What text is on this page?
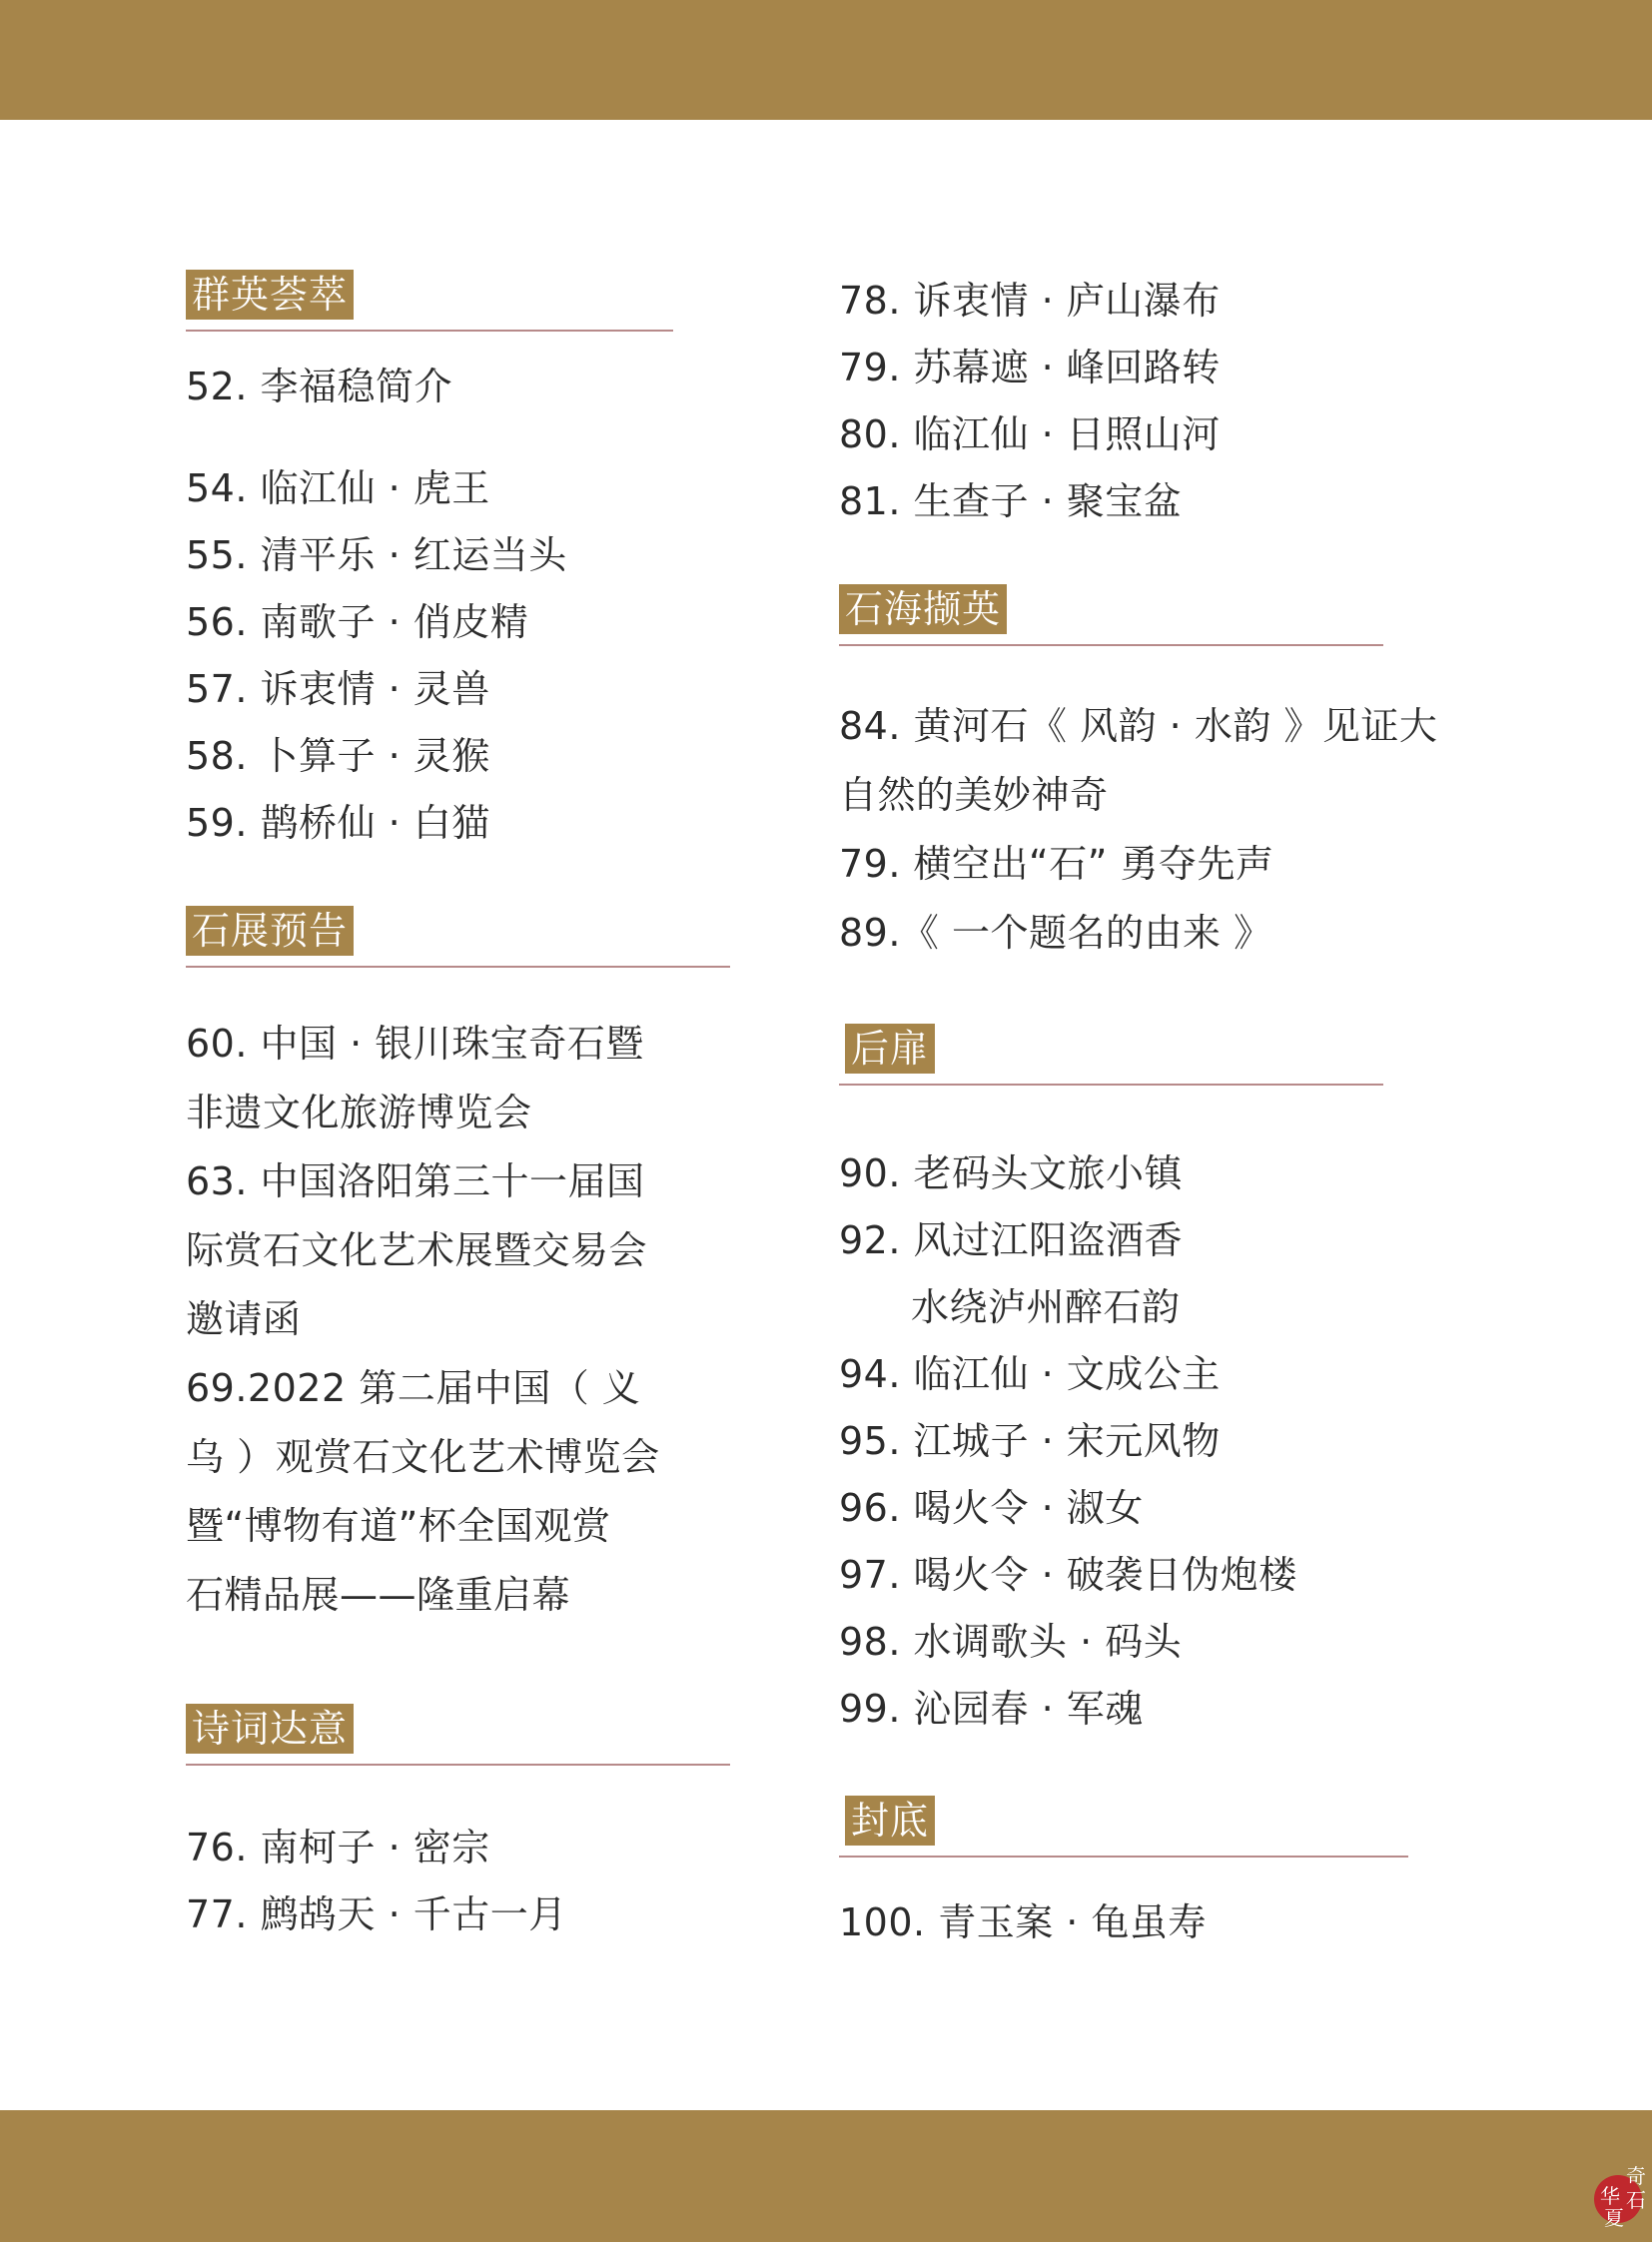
群英荟萃
52. 李福稳简介
54. 临江仙 · 虎王
55. 清平乐 · 红运当头
56. 南歌子 · 俏皮精
57. 诉衷情 · 灵兽
58. 卜算子 · 灵猴
59. 鹊桥仙 · 白猫
石展预告
60. 中国 · 银川珠宝奇石暨
非遗文化旅游博览会
63. 中国洛阳第三十一届国
际赏石文化艺术展暨交易会
邀请函
69.2022 第二届中国（ 义
乌 ）观赏石文化艺术博览会
暨“博物有道”杯全国观赏
石精品展——隆重启幕
诗词达意
76. 南柯子 · 密宗
77. 鹧鸪天 · 千古一月
78. 诉衷情 · 庐山瀑布
79. 苏幕遮 · 峰回路转
80. 临江仙 · 日照山河
81. 生查子 · 聚宝盆
石海撷英
84. 黄河石《 风韵 · 水韵 》见证大
自然的美妙神奇
79. 横空出“石” 勇夺先声
89.《 一个题名的由来 》
后扉
90. 老码头文旅小镇
92. 风过江阳盗酒香
水绕泸州醉石韵
94. 临江仙 · 文成公主
95. 江城子 · 宋元风物
96. 喝火令 · 淑女
97. 喝火令 · 破袭日伪炮楼
98. 水调歌头 · 码头
99. 沁园春 · 军魂
封底
100. 青玉案 · 龟虽寿
奇
石
华
夏
